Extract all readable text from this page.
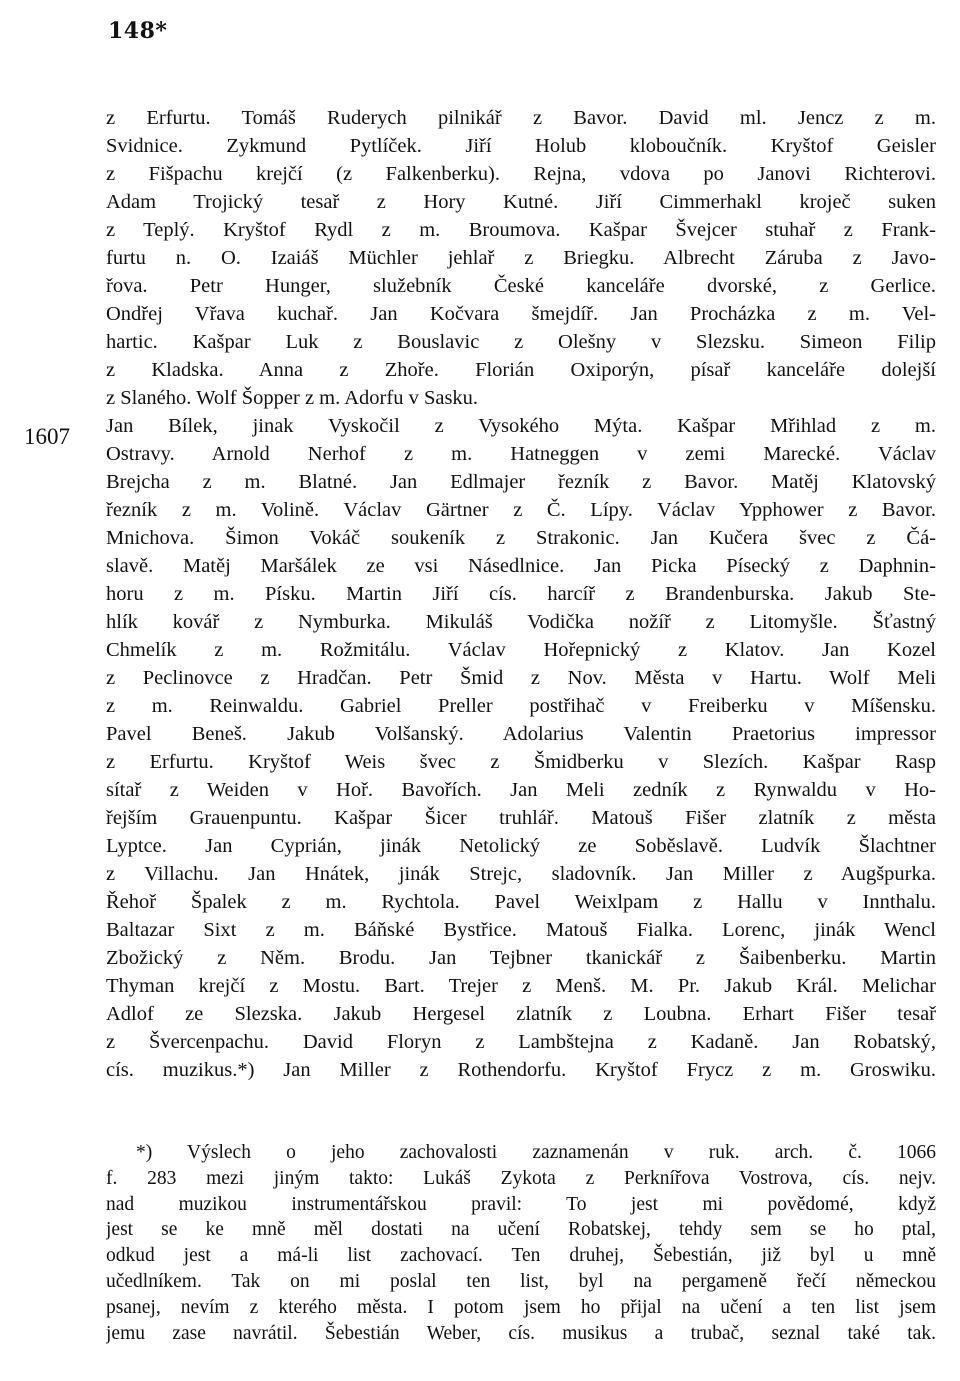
148*
1607
z Erfurtu. Tomáš Ruderych pilnikář z Bavor. David ml. Jencz z m.
Svidnice. Zykmund Pytlíček. Jiří Holub kloboučník. Kryštof Geisler
z Fišpachu krejčí (z Falkenberku). Rejna, vdova po Janovi Richterovi.
Adam Trojický tesař z Hory Kutné. Jiří Cimmerhakl kroječ suken
z Teplý. Kryštof Rydl z m. Broumova. Kašpar Švejcer stuhař z Frank-
furtu n. O. Izaiáš Müchler jehlař z Briegku. Albrecht Záruba z Javo-
řova. Petr Hunger, služebník České kanceláře dvorské, z Gerlice.
Ondřej Vřava kuchař. Jan Kočvara šmejdíř. Jan Procházka z m. Vel-
hartic. Kašpar Luk z Bouslavic z Olešny v Slezsku. Simeon Filip
z Kladska. Anna z Zhoře. Florián Oxiporýn, písař kanceláře dolejší
z Slaného. Wolf Šopper z m. Adorfu v Sasku.
Jan Bílek, jinak Vyskočil z Vysokého Mýta. Kašpar Mřihlad z m.
Ostravy. Arnold Nerhof z m. Hatneggen v zemi Marecké. Václav
Brejcha z m. Blatné. Jan Edlmajer řezník z Bavor. Matěj Klatovský
řezník z m. Volině. Václav Gärtner z Č. Lípy. Václav Ypphower z Bavor.
Mnichova. Šimon Vokáč soukeník z Strakonic. Jan Kučera švec z Čá-
slavě. Matěj Maršálek ze vsi Násedlnice. Jan Picka Písecký z Daphnin-
horu z m. Písku. Martin Jiří cís. harcíř z Brandenburska. Jakub Ste-
hlík kovář z Nymburka. Mikuláš Vodička nožíř z Litomyšle. Šťastný
Chmelík z m. Rožmitálu. Václav Hořepnický z Klatov. Jan Kozel
z Peclinovce z Hradčan. Petr Šmid z Nov. Města v Hartu. Wolf Meli
z m. Reinwaldu. Gabriel Preller postřihač v Freiberku v Míšensku.
Pavel Beneš. Jakub Volšanský. Adolarius Valentin Praetorius impressor
z Erfurtu. Kryštof Weis švec z Šmidberku v Slezích. Kašpar Rasp
sítař z Weiden v Hoř. Bavořích. Jan Meli zedník z Rynwaldu v Ho-
řejším Grauenpuntu. Kašpar Šicer truhlář. Matouš Fišer zlatník z města
Lyptce. Jan Cyprián, jinák Netolický ze Soběslavě. Ludvík Šlachtner
z Villachu. Jan Hnátek, jinák Strejc, sladovník. Jan Miller z Augšpurka.
Řehoř Špalek z m. Rychtola. Pavel Weixlpam z Hallu v Innthalu.
Baltazar Sixt z m. Báňské Bystřice. Matouš Fialka. Lorenc, jinák Wencl
Zbožický z Něm. Brodu. Jan Tejbner tkanickář z Šaibenberku. Martin
Thyman krejčí z Mostu. Bart. Trejer z Menš. M. Pr. Jakub Král. Melichar
Adlof ze Slezska. Jakub Hergesel zlatník z Loubna. Erhart Fišer tesař
z Švercenpachu. David Floryn z Lambštejna z Kadaně. Jan Robatský,
cís. muzikus.*) Jan Miller z Rothendorfu. Kryštof Frycz z m. Groswiku.
*) Výslech o jeho zachovalosti zaznamenán v ruk. arch. č. 1066
f. 283 mezi jiným takto: Lukáš Zykota z Perknířova Vostrova, cís. nejv.
nad muzikou instrumentářskou pravil: To jest mi povědomé, když
jest se ke mně měl dostati na učení Robatskej, tehdy sem se ho ptal,
odkud jest a má-li list zachovací. Ten druhej, Šebestián, již byl u mně
učedlníkem. Tak on mi poslal ten list, byl na pergameně řečí německou
psanej, nevím z kterého města. I potom jsem ho přijal na učení a ten list jsem
jemu zase navrátil. Šebestián Weber, cís. musikus a trubač, seznal také tak.
